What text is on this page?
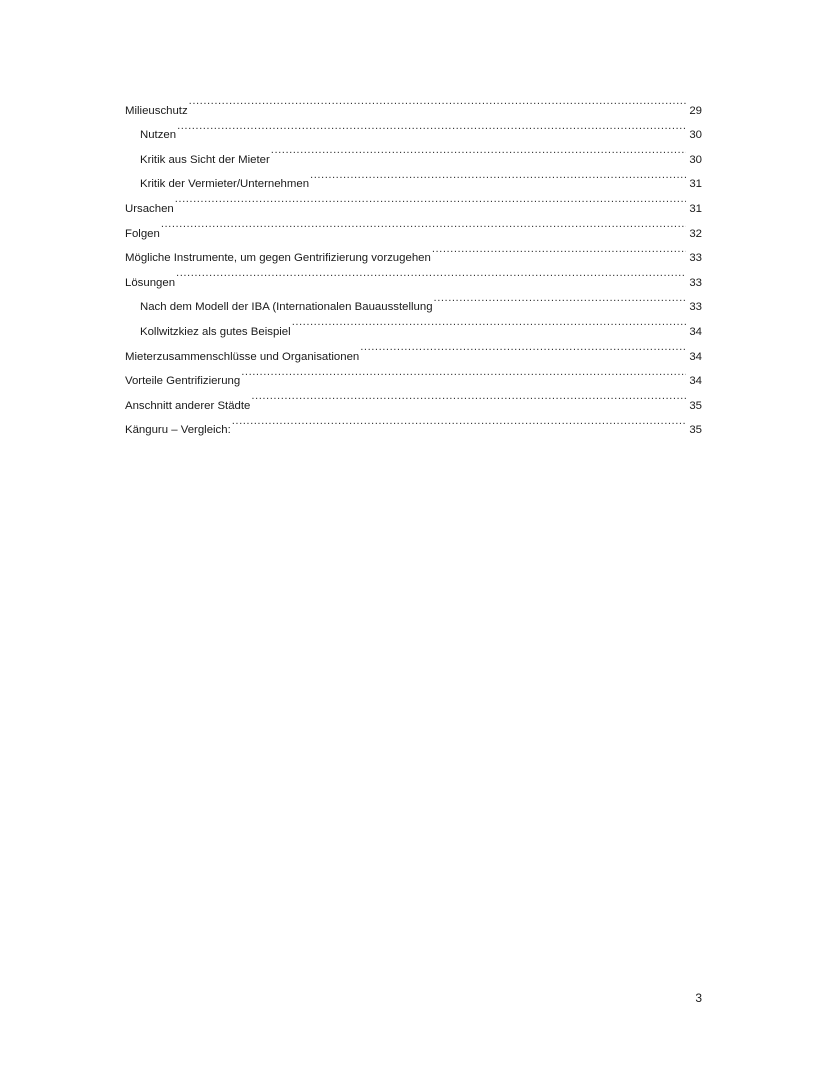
Milieuschutz .....	29
Nutzen .....	30
Kritik aus Sicht der Mieter .....	30
Kritik der Vermieter/Unternehmen .....	31
Ursachen .....	31
Folgen .....	32
Mögliche Instrumente, um gegen Gentrifizierung vorzugehen .....	33
Lösungen .....	33
Nach dem Modell der IBA (Internationalen Bauausstellung .....	33
Kollwitzkiez als gutes Beispiel .....	34
Mieterzusammenschlüsse und Organisationen .....	34
Vorteile Gentrifizierung .....	34
Anschnitt anderer Städte .....	35
Känguru – Vergleich: .....	35
3
